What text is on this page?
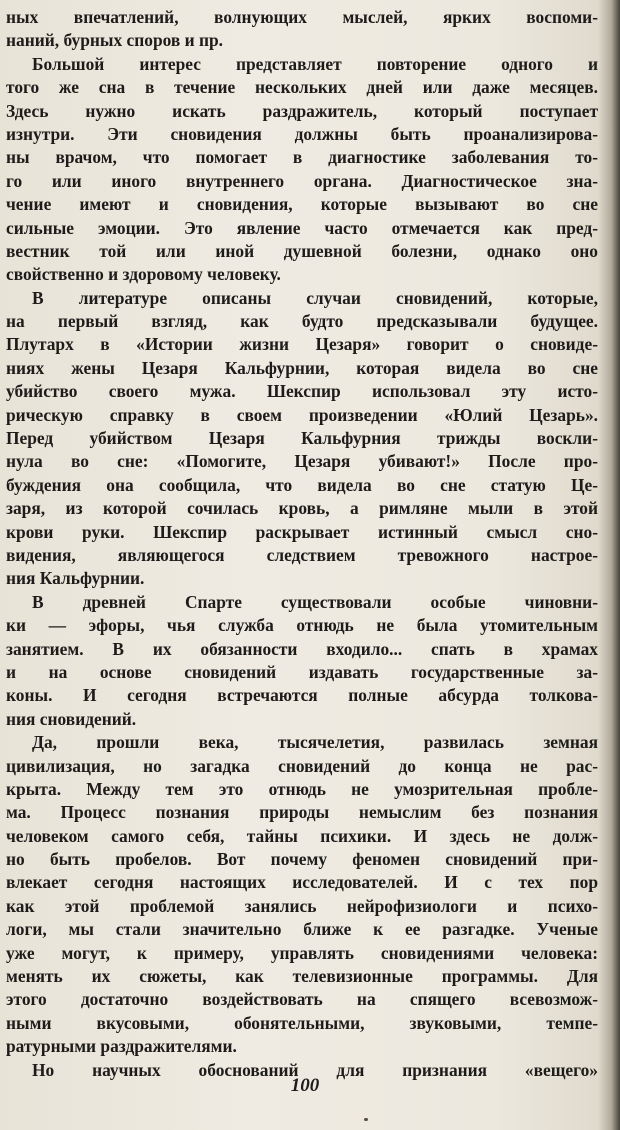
ных впечатлений, волнующих мыслей, ярких воспоми-
наний, бурных споров и пр.
Большой интерес представляет повторение одного и
того же сна в течение нескольких дней или даже месяцев.
Здесь нужно искать раздражитель, который поступает
изнутри. Эти сновидения должны быть проанализирова-
ны врачом, что помогает в диагностике заболевания то-
го или иного внутреннего органа. Диагностическое зна-
чение имеют и сновидения, которые вызывают во сне
сильные эмоции. Это явление часто отмечается как пред-
вестник той или иной душевной болезни, однако оно
свойственно и здоровому человеку.
В литературе описаны случаи сновидений, которые,
на первый взгляд, как будто предсказывали будущее.
Плутарх в «Истории жизни Цезаря» говорит о сновиде-
ниях жены Цезаря Кальфурнии, которая видела во сне
убийство своего мужа. Шекспир использовал эту исто-
рическую справку в своем произведении «Юлий Цезарь».
Перед убийством Цезаря Кальфурния трижды воскли-
нула во сне: «Помогите, Цезаря убивают!» После про-
буждения она сообщила, что видела во сне статую Це-
заря, из которой сочилась кровь, а римляне мыли в этой
крови руки. Шекспир раскрывает истинный смысл сно-
видения, являющегося следствием тревожного настрое-
ния Кальфурнии.
В древней Спарте существовали особые чиновни-
ки — эфоры, чья служба отнюдь не была утомительным
занятием. В их обязанности входило... спать в храмах
и на основе сновидений издавать государственные за-
коны. И сегодня встречаются полные абсурда толкова-
ния сновидений.
Да, прошли века, тысячелетия, развилась земная
цивилизация, но загадка сновидений до конца не рас-
крыта. Между тем это отнюдь не умозрительная пробле-
ма. Процесс познания природы немыслим без познания
человеком самого себя, тайны психики. И здесь не долж-
но быть пробелов. Вот почему феномен сновидений при-
влекает сегодня настоящих исследователей. И с тех пор
как этой проблемой занялись нейрофизиологи и психо-
логи, мы стали значительно ближе к ее разгадке. Ученые
уже могут, к примеру, управлять сновидениями человека:
менять их сюжеты, как телевизионные программы. Для
этого достаточно воздействовать на спящего всевозмож-
ными вкусовыми, обонятельными, звуковыми, темпе-
ратурными раздражителями.
Но научных обоснований для признания «вещего»
100
